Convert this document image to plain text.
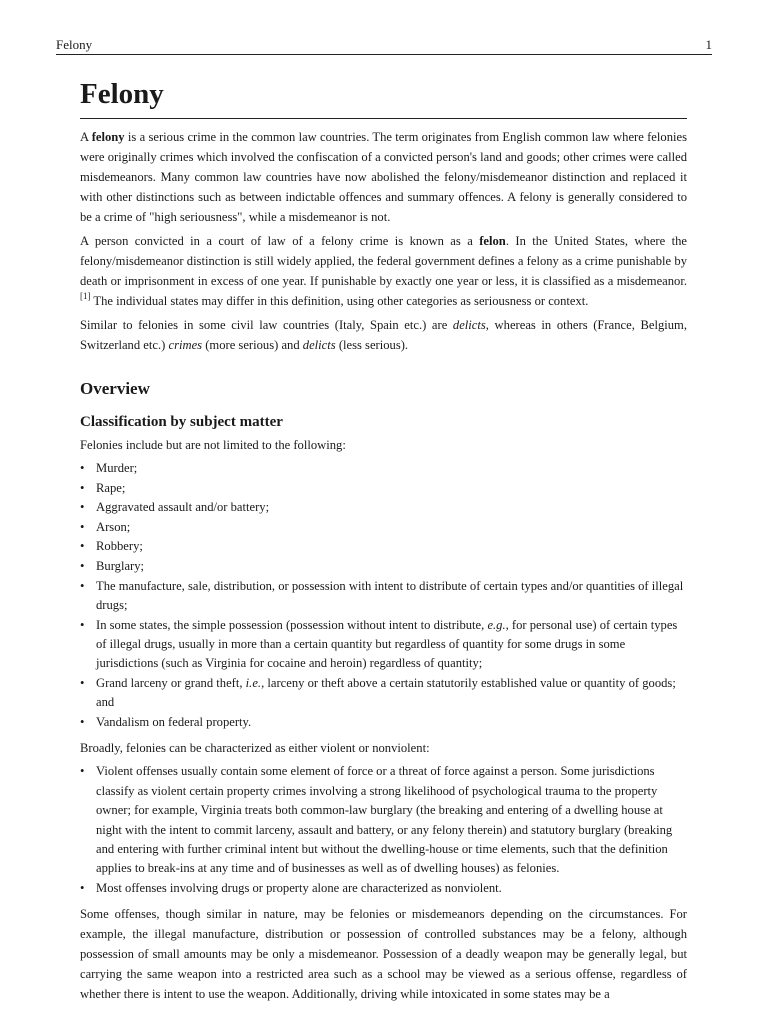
Felony	1
Felony

A felony is a serious crime in the common law countries. The term originates from English common law where felonies were originally crimes which involved the confiscation of a convicted person's land and goods; other crimes were called misdemeanors. Many common law countries have now abolished the felony/misdemeanor distinction and replaced it with other distinctions such as between indictable offences and summary offences. A felony is generally considered to be a crime of "high seriousness", while a misdemeanor is not.

A person convicted in a court of law of a felony crime is known as a felon. In the United States, where the felony/misdemeanor distinction is still widely applied, the federal government defines a felony as a crime punishable by death or imprisonment in excess of one year. If punishable by exactly one year or less, it is classified as a misdemeanor.[1] The individual states may differ in this definition, using other categories as seriousness or context.

Similar to felonies in some civil law countries (Italy, Spain etc.) are delicts, whereas in others (France, Belgium, Switzerland etc.) crimes (more serious) and delicts (less serious).

Overview
Classification by subject matter

Felonies include but are not limited to the following:

• Murder;
• Rape;
• Aggravated assault and/or battery;
• Arson;
• Robbery;
• Burglary;
• The manufacture, sale, distribution, or possession with intent to distribute of certain types and/or quantities of illegal drugs;
• In some states, the simple possession (possession without intent to distribute, e.g., for personal use) of certain types of illegal drugs, usually in more than a certain quantity but regardless of quantity for some drugs in some jurisdictions (such as Virginia for cocaine and heroin) regardless of quantity;
• Grand larceny or grand theft, i.e., larceny or theft above a certain statutorily established value or quantity of goods; and
• Vandalism on federal property.

Broadly, felonies can be characterized as either violent or nonviolent:

• Violent offenses usually contain some element of force or a threat of force against a person. Some jurisdictions classify as violent certain property crimes involving a strong likelihood of psychological trauma to the property owner; for example, Virginia treats both common-law burglary (the breaking and entering of a dwelling house at night with the intent to commit larceny, assault and battery, or any felony therein) and statutory burglary (breaking and entering with further criminal intent but without the dwelling-house or time elements, such that the definition applies to break-ins at any time and of businesses as well as of dwelling houses) as felonies.
• Most offenses involving drugs or property alone are characterized as nonviolent.

Some offenses, though similar in nature, may be felonies or misdemeanors depending on the circumstances. For example, the illegal manufacture, distribution or possession of controlled substances may be a felony, although possession of small amounts may be only a misdemeanor. Possession of a deadly weapon may be generally legal, but carrying the same weapon into a restricted area such as a school may be viewed as a serious offense, regardless of whether there is intent to use the weapon. Additionally, driving while intoxicated in some states may be a
